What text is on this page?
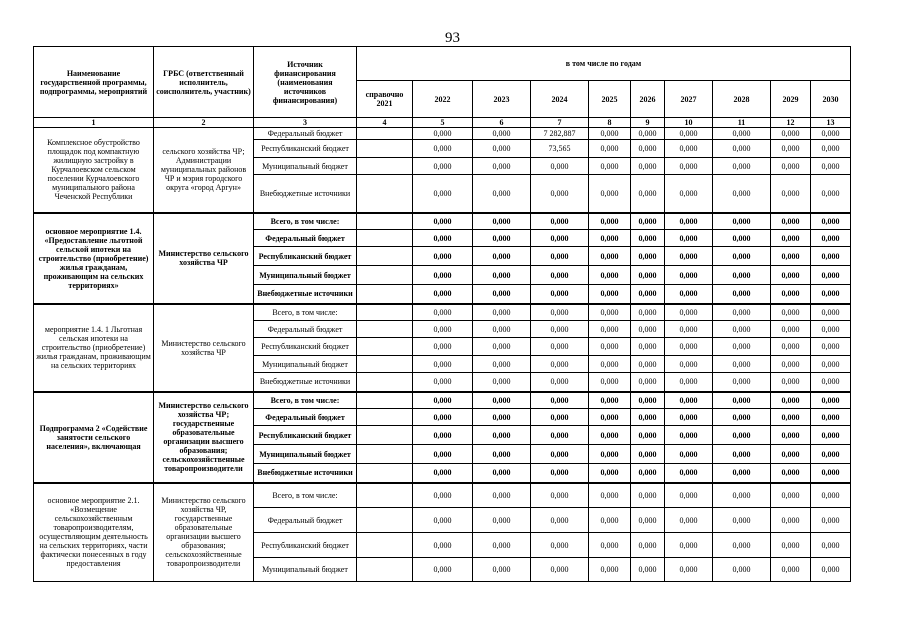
93
Наименование государственной программы, подпрограммы, мероприятий	ГРБС (ответственный исполнитель, соисполнитель, участник)	Источник финансирования (наименования источников финансирования)	в том числе по годам									
			справочно 2021	2022	2023	2024	2025	2026	2027	2028	2029	2030
1	2	3	4	5	6	7	8	9	10	11	12	13
Комплексное обустройство площадок под компактную жилищную застройку в Курчалоевском сельском поселении Курчалоевского муниципального района Чеченской Республики	сельского хозяйства ЧР; Администрации муниципальных районов ЧР и мэрия городского округа «город Аргун»	Федеральный бюджет		0,000	0,000	7 282,887	0,000	0,000	0,000	0,000	0,000	0,000
		Республиканский бюджет		0,000	0,000	73,565	0,000	0,000	0,000	0,000	0,000	0,000
		Муниципальный бюджет		0,000	0,000	0,000	0,000	0,000	0,000	0,000	0,000	0,000
		Внебюджетные источники		0,000	0,000	0,000	0,000	0,000	0,000	0,000	0,000	0,000
основное мероприятие 1.4. «Предоставление льготной сельской ипотеки на строительство (приобретение) жилья гражданам, проживающим на сельских территориях»	Министерство сельского хозяйства ЧР	Всего, в том числе:		0,000	0,000	0,000	0,000	0,000	0,000	0,000	0,000	0,000
		Федеральный бюджет		0,000	0,000	0,000	0,000	0,000	0,000	0,000	0,000	0,000
		Республиканский бюджет		0,000	0,000	0,000	0,000	0,000	0,000	0,000	0,000	0,000
		Муниципальный бюджет		0,000	0,000	0,000	0,000	0,000	0,000	0,000	0,000	0,000
		Внебюджетные источники		0,000	0,000	0,000	0,000	0,000	0,000	0,000	0,000	0,000
мероприятие 1.4. 1 Льготная сельская ипотеки на строительство (приобретение) жилья гражданам, проживающим на сельских территориях	Министерство сельского хозяйства ЧР	Всего, в том числе:		0,000	0,000	0,000	0,000	0,000	0,000	0,000	0,000	0,000
		Федеральный бюджет		0,000	0,000	0,000	0,000	0,000	0,000	0,000	0,000	0,000
		Республиканский бюджет		0,000	0,000	0,000	0,000	0,000	0,000	0,000	0,000	0,000
		Муниципальный бюджет		0,000	0,000	0,000	0,000	0,000	0,000	0,000	0,000	0,000
		Внебюджетные источники		0,000	0,000	0,000	0,000	0,000	0,000	0,000	0,000	0,000
Подпрограмма 2 «Содействие занятости сельского населения», включающая	Министерство сельского хозяйства ЧР; государственные образовательные организации высшего образования; сельскохозяйственные товаропроизводители	Всего, в том числе:		0,000	0,000	0,000	0,000	0,000	0,000	0,000	0,000	0,000
		Федеральный бюджет		0,000	0,000	0,000	0,000	0,000	0,000	0,000	0,000	0,000
		Республиканский бюджет		0,000	0,000	0,000	0,000	0,000	0,000	0,000	0,000	0,000
		Муниципальный бюджет		0,000	0,000	0,000	0,000	0,000	0,000	0,000	0,000	0,000
		Внебюджетные источники		0,000	0,000	0,000	0,000	0,000	0,000	0,000	0,000	0,000
основное мероприятие 2.1. «Возмещение сельскохозяйственным товаропроизводителям, осуществляющим деятельность на сельских территориях, части фактически понесенных в году предоставления	Министерство сельского хозяйства ЧР, государственные образовательные организации высшего образования; сельскохозяйственные товаропроизводители	Всего, в том числе:		0,000	0,000	0,000	0,000	0,000	0,000	0,000	0,000	0,000
		Федеральный бюджет		0,000	0,000	0,000	0,000	0,000	0,000	0,000	0,000	0,000
		Республиканский бюджет		0,000	0,000	0,000	0,000	0,000	0,000	0,000	0,000	0,000
		Муниципальный бюджет		0,000	0,000	0,000	0,000	0,000	0,000	0,000	0,000	0,000
